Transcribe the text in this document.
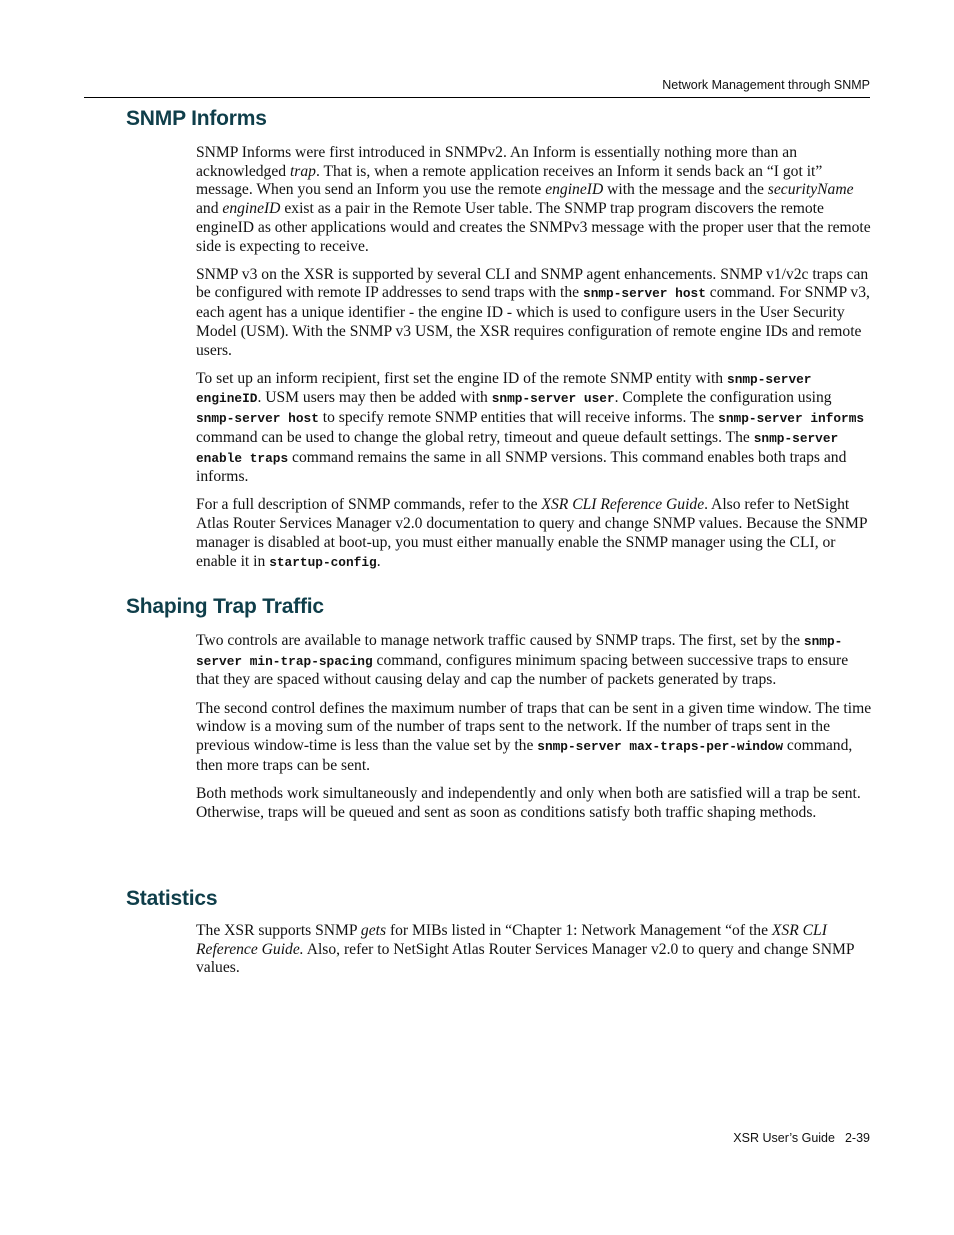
Network Management through SNMP
SNMP Informs

SNMP Informs were first introduced in SNMPv2. An Inform is essentially nothing more than an acknowledged trap. That is, when a remote application receives an Inform it sends back an “I got it” message. When you send an Inform you use the remote engineID with the message and the securityName and engineID exist as a pair in the Remote User table. The SNMP trap program discovers the remote engineID as other applications would and creates the SNMPv3 message with the proper user that the remote side is expecting to receive.

SNMP v3 on the XSR is supported by several CLI and SNMP agent enhancements. SNMP v1/v2c traps can be configured with remote IP addresses to send traps with the snmp-server host command. For SNMP v3, each agent has a unique identifier - the engine ID - which is used to configure users in the User Security Model (USM). With the SNMP v3 USM, the XSR requires configuration of remote engine IDs and remote users.

To set up an inform recipient, first set the engine ID of the remote SNMP entity with snmp-server engineID. USM users may then be added with snmp-server user. Complete the configuration using snmp-server host to specify remote SNMP entities that will receive informs. The snmp-server informs command can be used to change the global retry, timeout and queue default settings. The snmp-server enable traps command remains the same in all SNMP versions. This command enables both traps and informs.

For a full description of SNMP commands, refer to the XSR CLI Reference Guide. Also refer to NetSight Atlas Router Services Manager v2.0 documentation to query and change SNMP values. Because the SNMP manager is disabled at boot-up, you must either manually enable the SNMP manager using the CLI, or enable it in startup-config.

Shaping Trap Traffic

Two controls are available to manage network traffic caused by SNMP traps. The first, set by the snmp-server min-trap-spacing command, configures minimum spacing between successive traps to ensure that they are spaced without causing delay and cap the number of packets generated by traps.

The second control defines the maximum number of traps that can be sent in a given time window. The time window is a moving sum of the number of traps sent to the network. If the number of traps sent in the previous window-time is less than the value set by the snmp-server max-traps-per-window command, then more traps can be sent.

Both methods work simultaneously and independently and only when both are satisfied will a trap be sent. Otherwise, traps will be queued and sent as soon as conditions satisfy both traffic shaping methods.

Statistics

The XSR supports SNMP gets for MIBs listed in “Chapter 1: Network Management “of the XSR CLI Reference Guide. Also, refer to NetSight Atlas Router Services Manager v2.0 to query and change SNMP values.

XSR User’s Guide 2-39
